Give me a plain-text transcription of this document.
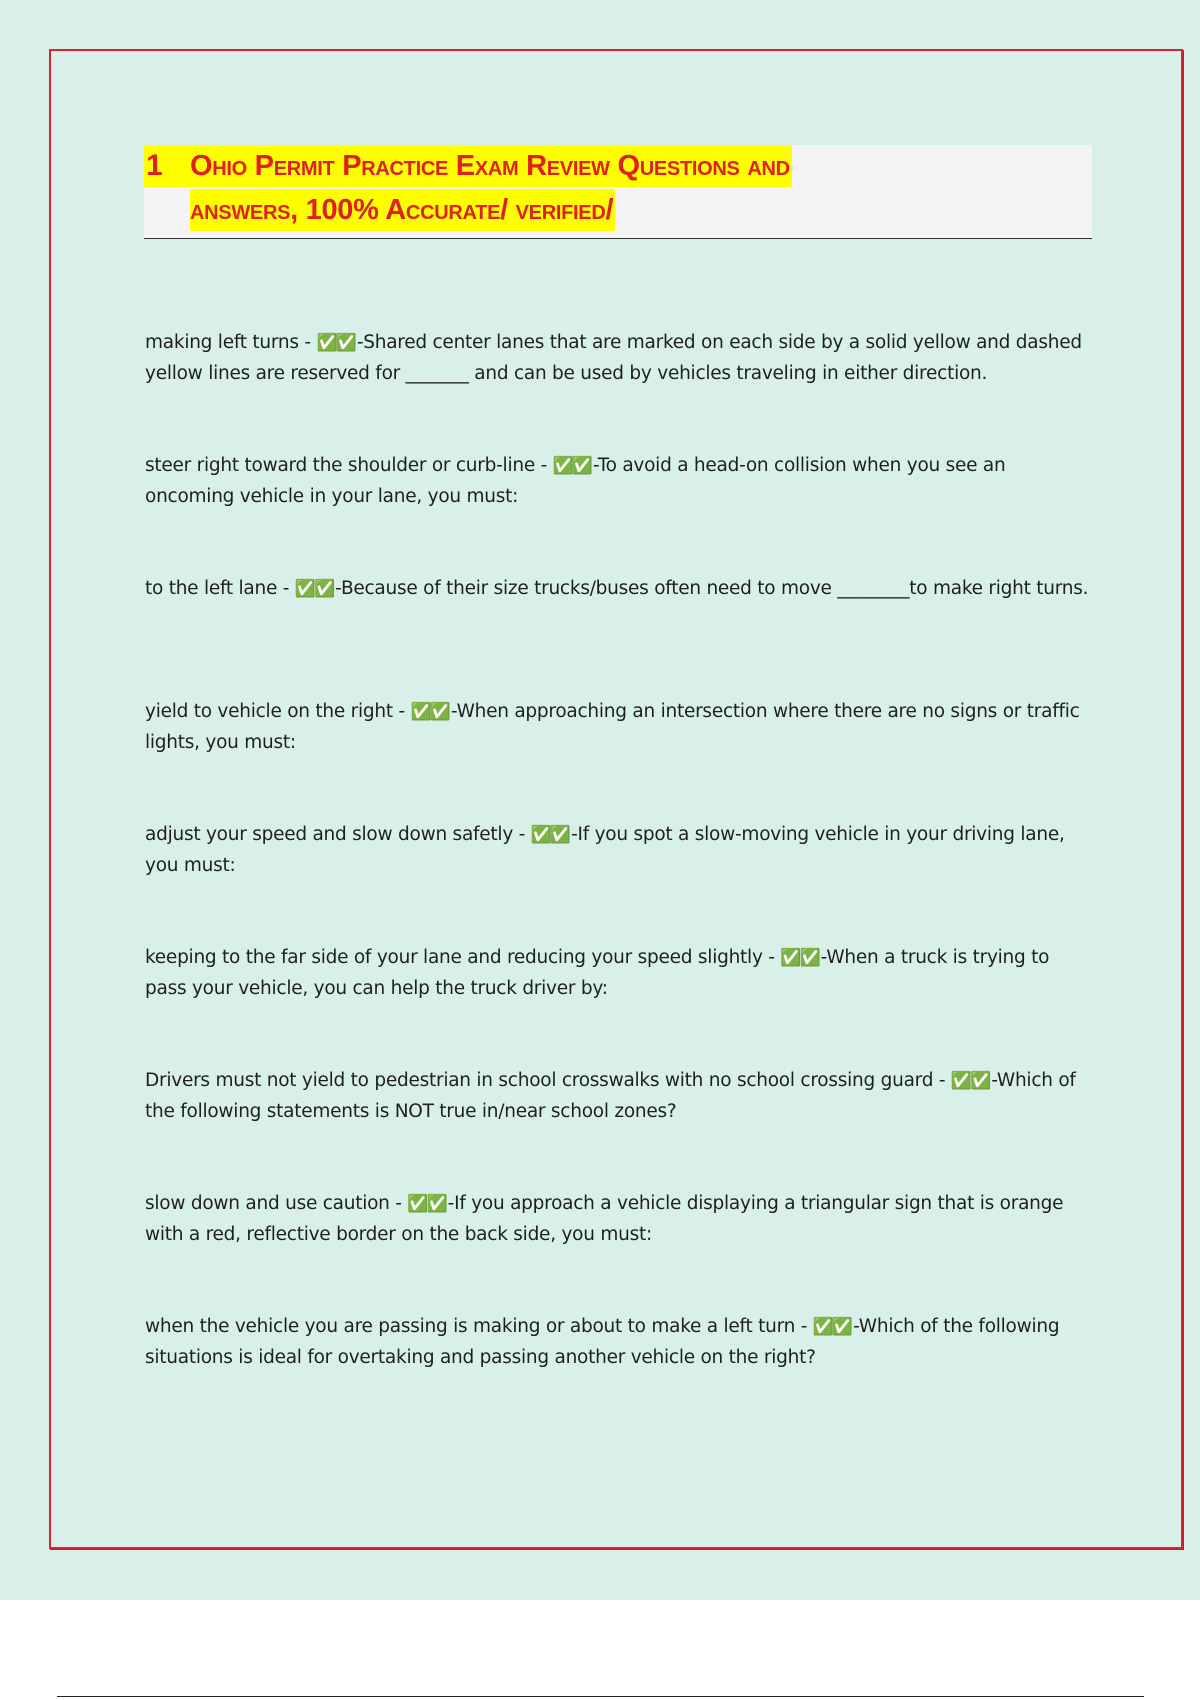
1 Ohio Permit Practice Exam Review Questions and
answers, 100% Accurate/ verified/
making left turns - ✅✅ -Shared center lanes that are marked on each side by a solid yellow and dashed yellow lines are reserved for _______ and can be used by vehicles traveling in either direction.
steer right toward the shoulder or curb-line - ✅✅ -To avoid a head-on collision when you see an oncoming vehicle in your lane, you must:
to the left lane - ✅✅ -Because of their size trucks/buses often need to move ________to make right turns.
yield to vehicle on the right - ✅✅ -When approaching an intersection where there are no signs or traffic lights, you must:
adjust your speed and slow down safetly - ✅✅ -If you spot a slow-moving vehicle in your driving lane, you must:
keeping to the far side of your lane and reducing your speed slightly - ✅✅ -When a truck is trying to pass your vehicle, you can help the truck driver by:
Drivers must not yield to pedestrian in school crosswalks with no school crossing guard - ✅✅ -Which of the following statements is NOT true in/near school zones?
slow down and use caution - ✅✅ -If you approach a vehicle displaying a triangular sign that is orange with a red, reflective border on the back side, you must:
when the vehicle you are passing is making or about to make a left turn - ✅✅ -Which of the following situations is ideal for overtaking and passing another vehicle on the right?
